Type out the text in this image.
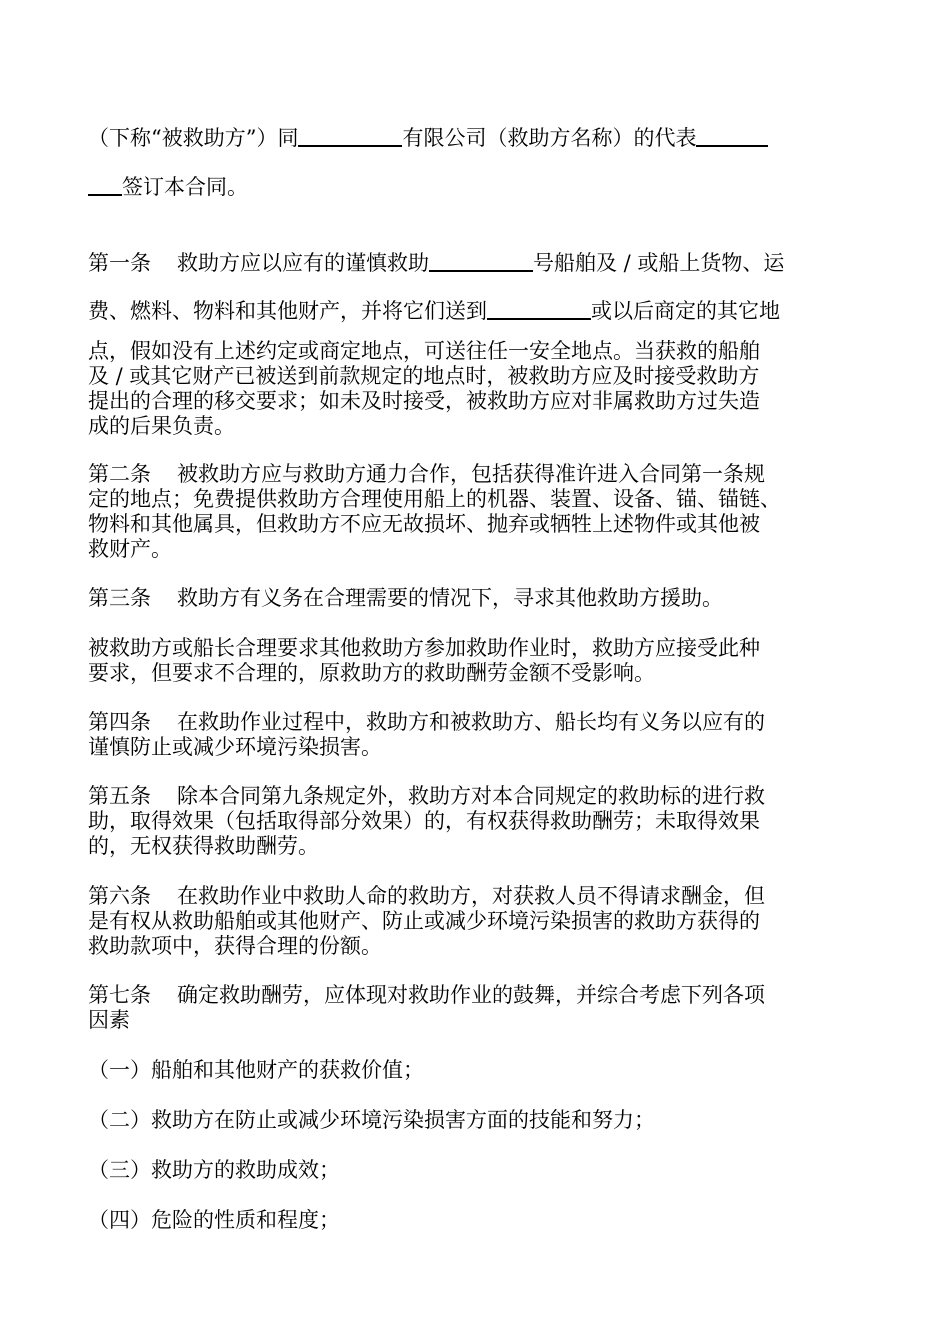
（下称“被救助方”）同	有限公司（救助方名称）的代表
签订本合同。
第一条 救助方应以应有的谨慎救助	号船舶及 / 或船上货物、运
费、燃料、物料和其他财产，并将它们送到	或以后商定的其它地
点，假如没有上述约定或商定地点，可送往任一安全地点。当获救的船舶
及 / 或其它财产已被送到前款规定的地点时，被救助方应及时接受救助方
提出的合理的移交要求；如未及时接受，被救助方应对非属救助方过失造
成的后果负责。
第二条 被救助方应与救助方通力合作，包括获得准许进入合同第一条规
定的地点；免费提供救助方合理使用船上的机器、装置、设备、锚、锚链、
物料和其他属具，但救助方不应无故损坏、抛弃或牺牲上述物件或其他被
救财产。
第三条 救助方有义务在合理需要的情况下，寻求其他救助方援助。
被救助方或船长合理要求其他救助方参加救助作业时，救助方应接受此种
要求，但要求不合理的，原救助方的救助酬劳金额不受影响。
第四条 在救助作业过程中，救助方和被救助方、船长均有义务以应有的
谨慎防止或减少环境污染损害。
第五条 除本合同第九条规定外，救助方对本合同规定的救助标的进行救
助，取得效果（包括取得部分效果）的，有权获得救助酬劳；未取得效果
的，无权获得救助酬劳。
第六条 在救助作业中救助人命的救助方，对获救人员不得请求酬金，但
是有权从救助船舶或其他财产、防止或减少环境污染损害的救助方获得的
救助款项中，获得合理的份额。
第七条 确定救助酬劳，应体现对救助作业的鼓舞，并综合考虑下列各项
因素
（一）船舶和其他财产的获救价值；
（二）救助方在防止或减少环境污染损害方面的技能和努力；
（三）救助方的救助成效；
（四）危险的性质和程度；
